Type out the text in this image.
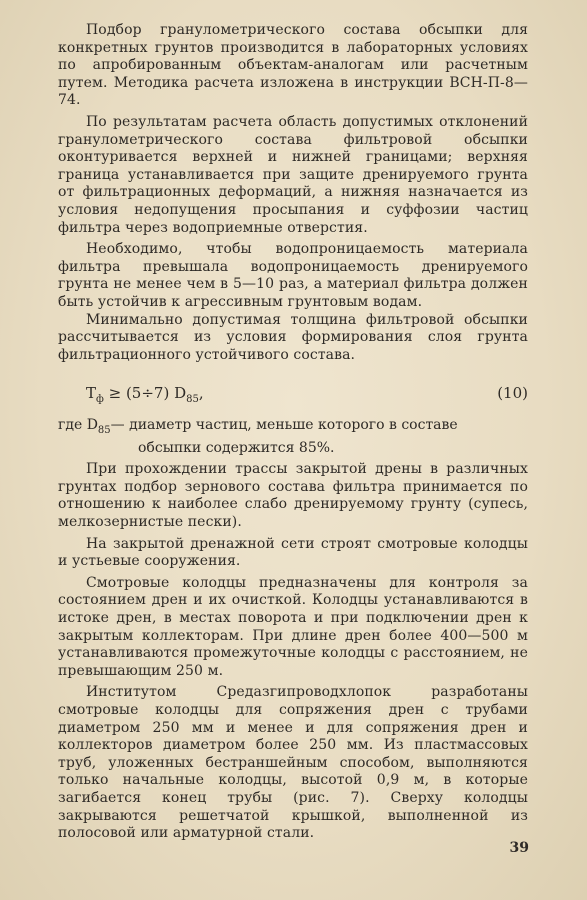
Подбор гранулометрического состава обсыпки для конкретных грунтов производится в лабораторных условиях по апробированным объектам-аналогам или расчетным путем. Методика расчета изложена в инструкции ВСН-П-8—74.

По результатам расчета область допустимых отклонений гранулометрического состава фильтровой обсыпки оконтуривается верхней и нижней границами; верхняя граница устанавливается при защите дренируемого грунта от фильтрационных деформаций, а нижняя назначается из условия недопущения просыпания и суффозии частиц фильтра через водоприемные отверстия.

Необходимо, чтобы водопроницаемость материала фильтра превышала водопроницаемость дренируемого грунта не менее чем в 5—10 раз, а материал фильтра должен быть устойчив к агрессивным грунтовым водам.

Минимально допустимая толщина фильтровой обсыпки рассчитывается из условия формирования слоя грунта фильтрационного устойчивого состава.

$T_ф \ge (5\div 7)$ $D_{85}$,	(10)

где $D_{85}—$ диаметр частиц, меньше которого в составе
обсыпки содержится 85%.

При прохождении трассы закрытой дрены в различных грунтах подбор зернового состава фильтра принимается по отношению к наиболее слабо дренируемому грунту (супесь, мелкозернистые пески).

На закрытой дренажной сети строят смотровые колодцы и устьевые сооружения.

Смотровые колодцы предназначены для контроля за состоянием дрен и их очисткой. Колодцы устанавливаются в истоке дрен, в местах поворота и при подключении дрен к закрытым коллекторам. При длине дрен более 400—500 м устанавливаются промежуточные колодцы с расстоянием, не превышающим 250 м.

Институтом Средазгипроводхлопок разработаны смотровые колодцы для сопряжения дрен с трубами диаметром 250 мм и менее и для сопряжения дрен и коллекторов диаметром более 250 мм. Из пластмассовых труб, уложенных бестраншейным способом, выполняются только начальные колодцы, высотой 0,9 м, в которые загибается конец трубы (рис. 7). Сверху колодцы закрываются решетчатой крышкой, выполненной из полосовой или арматурной стали.

39
